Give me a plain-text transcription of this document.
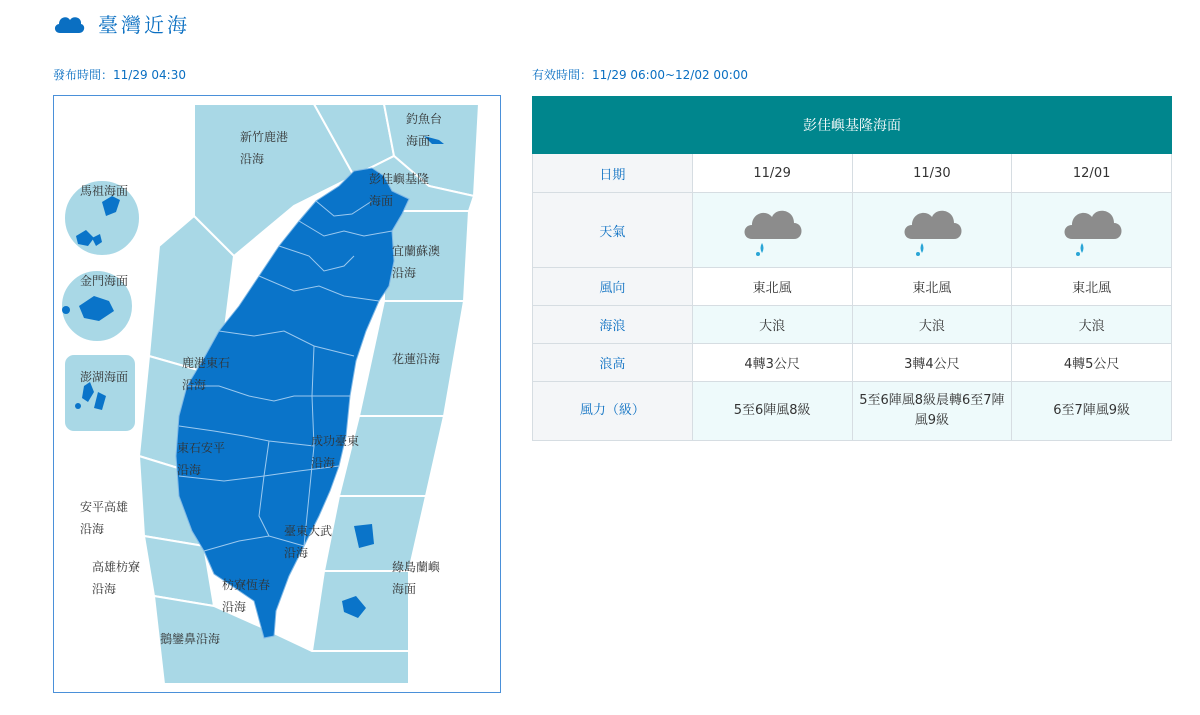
臺灣近海
發布時間：11/29 04:30	有效時間：11/29 06:00~12/02 00:00
新竹鹿港
沿海
釣魚台
海面
馬祖海面
彭佳嶼基隆
海面
宜蘭蘇澳
沿海
金門海面
花蓮沿海
澎湖海面
鹿港東石
沿海
成功臺東
沿海
東石安平
沿海
安平高雄
沿海	臺東大武
沿海
高雄枋寮
沿海	枋寮恆春
沿海
綠島蘭嶼
海面
鵝鑾鼻沿海
彭佳嶼基隆海面			
日期	11/29	11/30	12/01
天氣			
風向	東北風	東北風	東北風
海浪	大浪	大浪	大浪
浪高	4轉3公尺	3轉4公尺	4轉5公尺
風力（級）	5至6陣風8級	5至6陣風8級晨轉6至7陣風9級	6至7陣風9級
